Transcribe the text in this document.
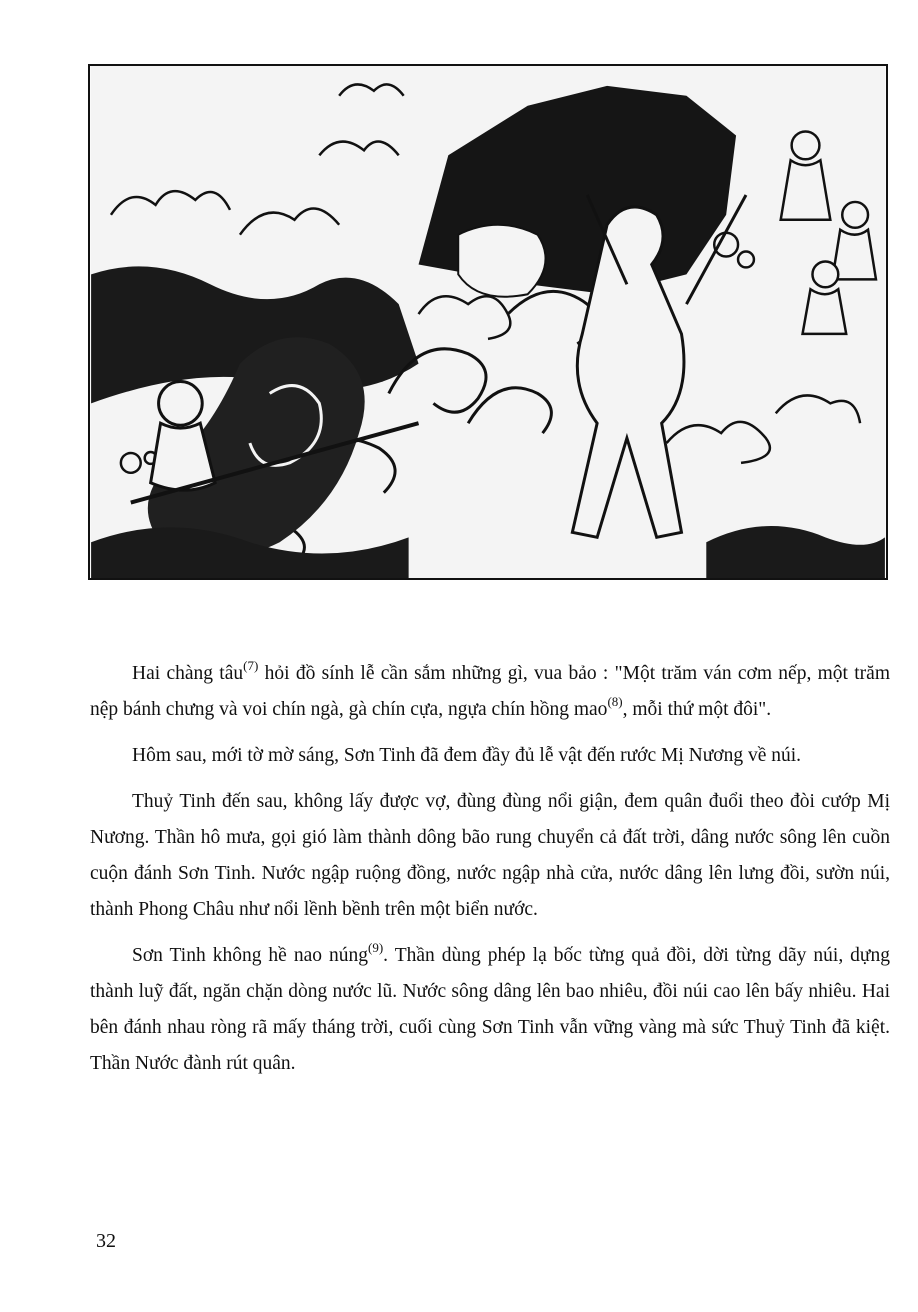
Hai chàng tâu$^{(7)}$ hỏi đồ sính lễ cần sắm những gì, vua bảo : "Một trăm ván cơm nếp, một trăm nệp bánh chưng và voi chín ngà, gà chín cựa, ngựa chín hồng mao$^{(8)}$, mỗi thứ một đôi".

Hôm sau, mới tờ mờ sáng, Sơn Tinh đã đem đầy đủ lễ vật đến rước Mị Nương về núi.

Thuỷ Tinh đến sau, không lấy được vợ, đùng đùng nổi giận, đem quân đuổi theo đòi cướp Mị Nương. Thần hô mưa, gọi gió làm thành dông bão rung chuyển cả đất trời, dâng nước sông lên cuồn cuộn đánh Sơn Tinh. Nước ngập ruộng đồng, nước ngập nhà cửa, nước dâng lên lưng đồi, sườn núi, thành Phong Châu như nổi lềnh bềnh trên một biển nước.

Sơn Tinh không hề nao núng$^{(9)}$. Thần dùng phép lạ bốc từng quả đồi, dời từng dãy núi, dựng thành luỹ đất, ngăn chặn dòng nước lũ. Nước sông dâng lên bao nhiêu, đồi núi cao lên bấy nhiêu. Hai bên đánh nhau ròng rã mấy tháng trời, cuối cùng Sơn Tinh vẫn vững vàng mà sức Thuỷ Tinh đã kiệt. Thần Nước đành rút quân.

32
